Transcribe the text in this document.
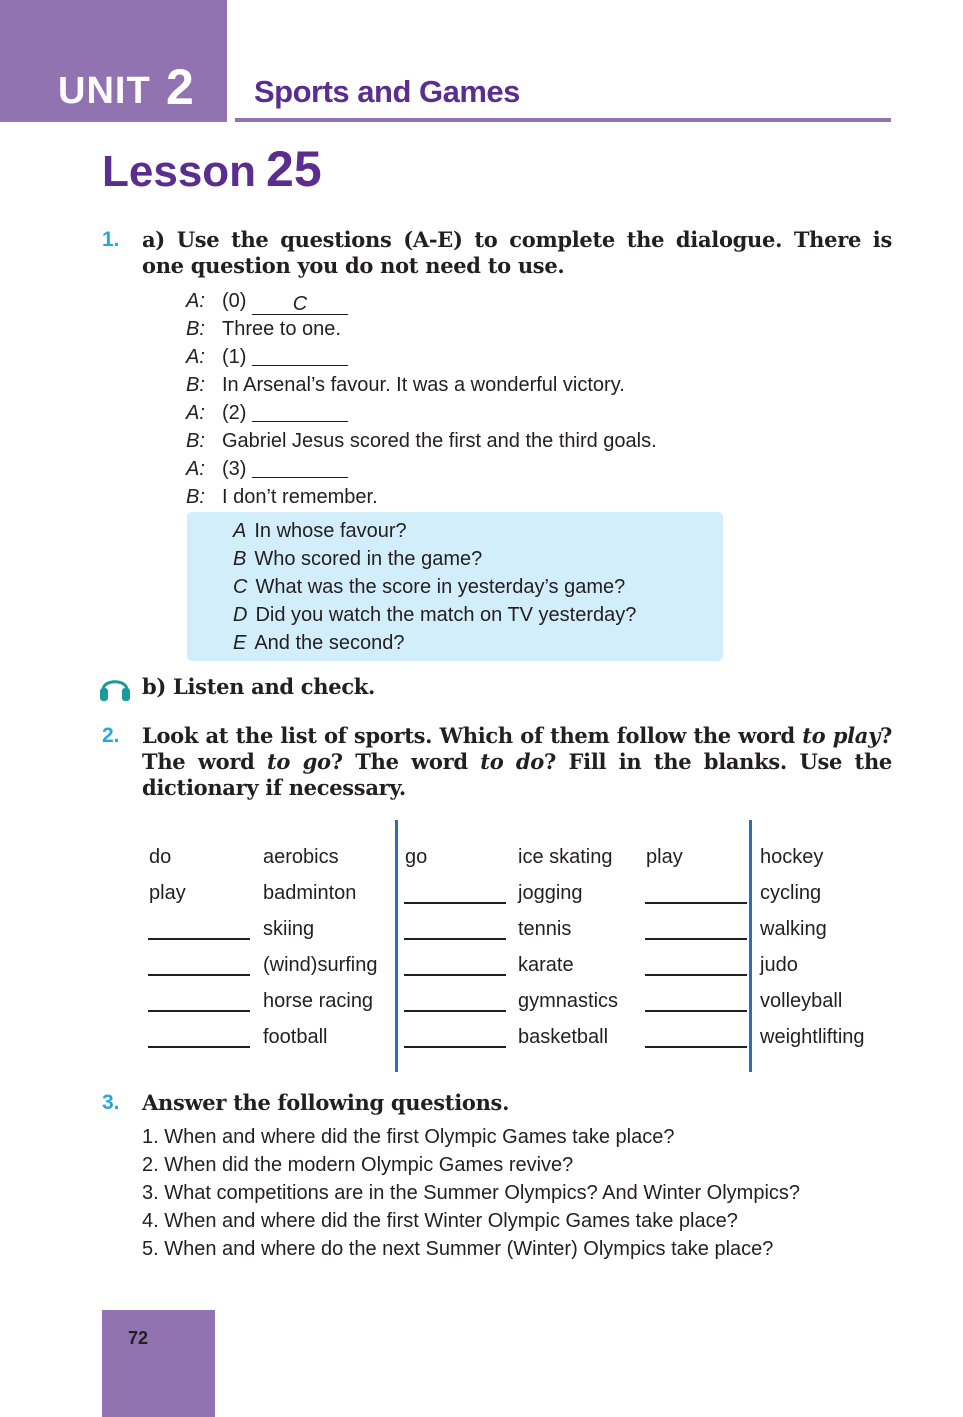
UNIT 2 Sports and Games
Lesson 25
1. a) Use the questions (A-E) to complete the dialogue. There is one question you do not need to use.
A: (0) C
B: Three to one.
A: (1)
B: In Arsenal’s favour. It was a wonderful victory.
A: (2)
B: Gabriel Jesus scored the first and the third goals.
A: (3)
B: I don’t remember.
A In whose favour?
B Who scored in the game?
C What was the score in yesterday’s game?
D Did you watch the match on TV yesterday?
E And the second?
b) Listen and check.
2. Look at the list of sports. Which of them follow the word to play? The word to go? The word to do? Fill in the blanks. Use the dictionary if necessary.
do
play
aerobics
badminton
skiing
(wind)surfing
horse racing
football
go	ice skating
jogging
tennis
karate
gymnastics
basketball
play	hockey
cycling
walking
judo
volleyball
weightlifting
3. Answer the following questions.
1. When and where did the first Olympic Games take place?
2. When did the modern Olympic Games revive?
3. What competitions are in the Summer Olympics? And Winter Olympics?
4. When and where did the first Winter Olympic Games take place?
5. When and where do the next Summer (Winter) Olympics take place?
72
